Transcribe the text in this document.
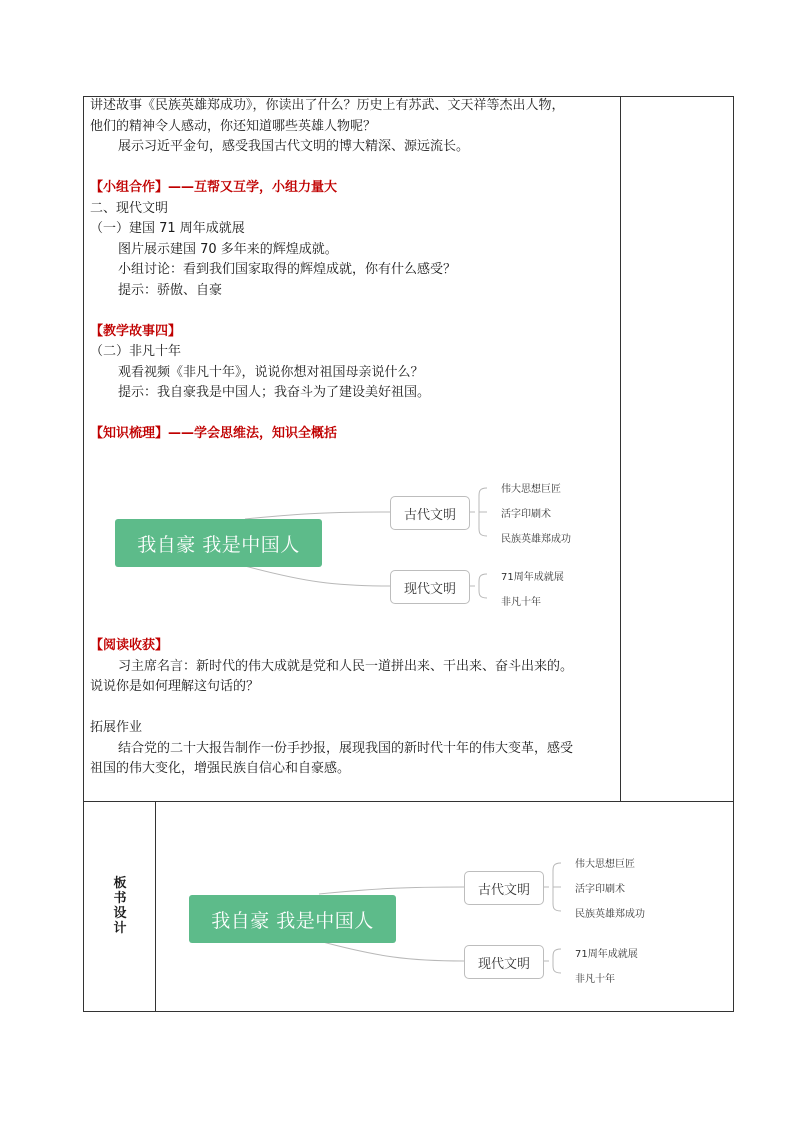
讲述故事《民族英雄郑成功》，你读出了什么？历史上有苏武、文天祥等杰出人物，
他们的精神令人感动，你还知道哪些英雄人物呢？
展示习近平金句，感受我国古代文明的博大精深、源远流长。
【小组合作】——互帮又互学，小组力量大
二、现代文明
（一）建国 71 周年成就展
图片展示建国 70 多年来的辉煌成就。
小组讨论：看到我们国家取得的辉煌成就，你有什么感受？
提示：骄傲、自豪
【教学故事四】
（二）非凡十年
观看视频《非凡十年》，说说你想对祖国母亲说什么？
提示：我自豪我是中国人；我奋斗为了建设美好祖国。
【知识梳理】——学会思维法，知识全概括
【阅读收获】
习主席名言：新时代的伟大成就是党和人民一道拼出来、干出来、奋斗出来的。
说说你是如何理解这句话的？
拓展作业
结合党的二十大报告制作一份手抄报，展现我国的新时代十年的伟大变革，感受
祖国的伟大变化，增强民族自信心和自豪感。
我自豪 我是中国人
古代文明
现代文明
伟大思想巨匠
活字印刷术
民族英雄郑成功
71周年成就展
非凡十年
板
书
设
计	我自豪 我是中国人
古代文明
现代文明
伟大思想巨匠
活字印刷术
民族英雄郑成功
71周年成就展
非凡十年
